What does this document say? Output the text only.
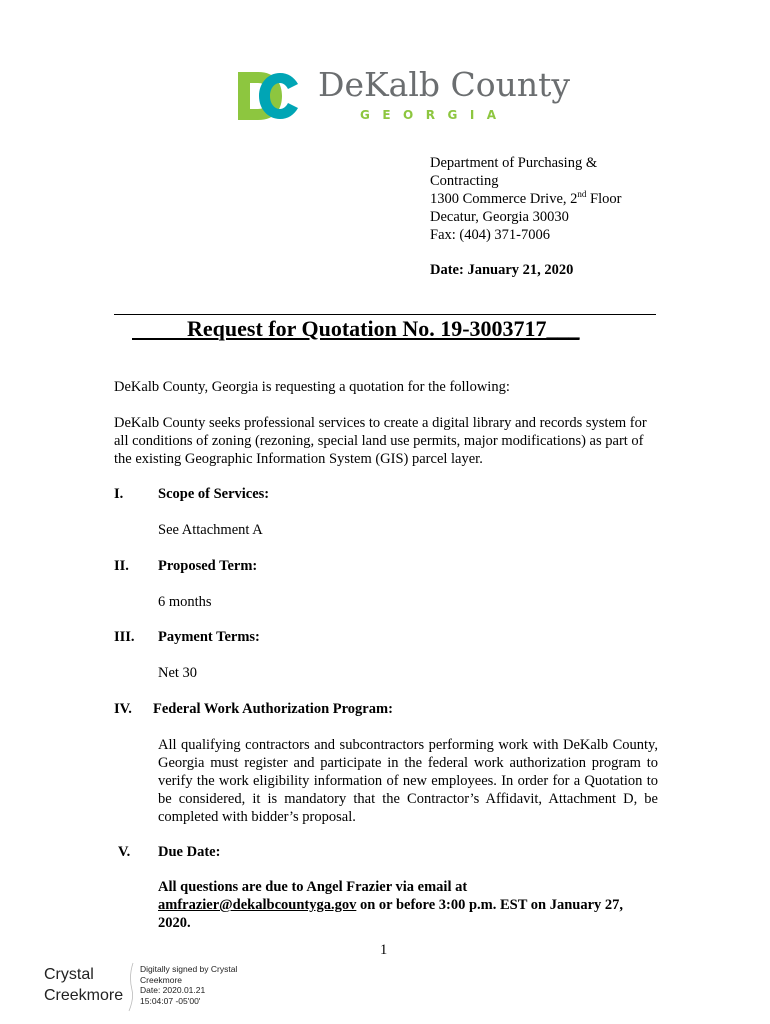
DeKalb County
GEORGIA
Department of Purchasing &
Contracting
1300 Commerce Drive, 2nd Floor
Decatur, Georgia 30030
Fax: (404) 371-7006
Date: January 21, 2020
Request for Quotation No. 19-3003717___
DeKalb County, Georgia is requesting a quotation for the following:
DeKalb County seeks professional services to create a digital library and records system for all conditions of zoning (rezoning, special land use permits, major modifications) as part of the existing Geographic Information System (GIS) parcel layer.
I. Scope of Services:
See Attachment A
II. Proposed Term:
6 months
III. Payment Terms:
Net 30
IV. Federal Work Authorization Program:
All qualifying contractors and subcontractors performing work with DeKalb County, Georgia must register and participate in the federal work authorization program to verify the work eligibility information of new employees. In order for a Quotation to be considered, it is mandatory that the Contractor’s Affidavit, Attachment D, be completed with bidder’s proposal.
V. Due Date:
All questions are due to Angel Frazier via email at
amfrazier@dekalbcountyga.gov on or before 3:00 p.m. EST on January 27, 2020.
1
Crystal
Creekmore
Digitally signed by Crystal
Creekmore
Date: 2020.01.21
15:04:07 -05'00'
